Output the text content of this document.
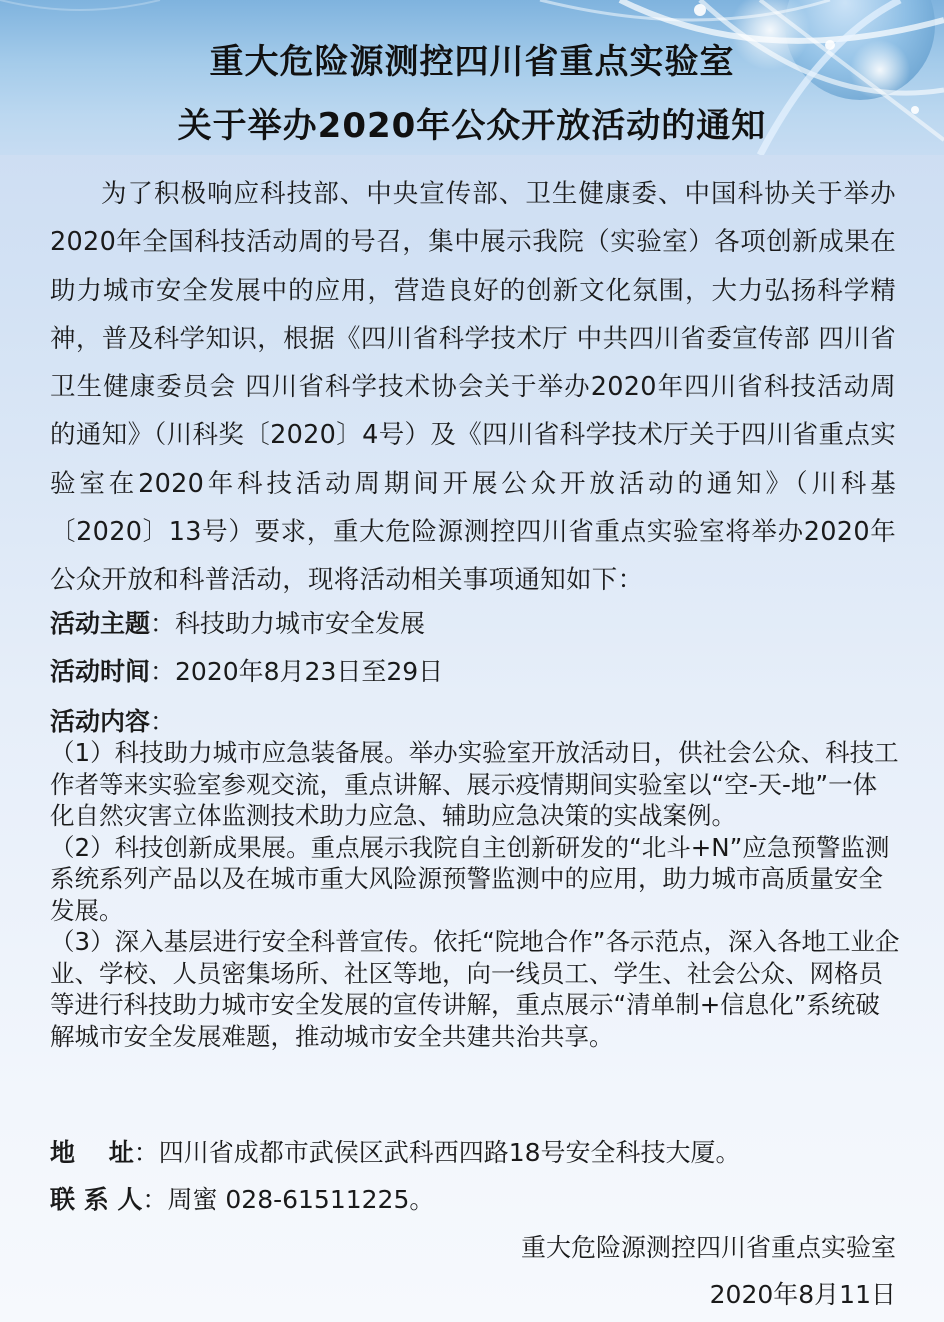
重大危险源测控四川省重点实验室
关于举办2020年公众开放活动的通知
为了积极响应科技部、中央宣传部、卫生健康委、中国科协关于举办2020年全国科技活动周的号召，集中展示我院（实验室）各项创新成果在助力城市安全发展中的应用，营造良好的创新文化氛围，大力弘扬科学精神，普及科学知识，根据《四川省科学技术厅 中共四川省委宣传部 四川省卫生健康委员会 四川省科学技术协会关于举办2020年四川省科技活动周的通知》（川科奖〔2020〕4号）及《四川省科学技术厅关于四川省重点实验室在2020年科技活动周期间开展公众开放活动的通知》（川科基〔2020〕13号）要求，重大危险源测控四川省重点实验室将举办2020年公众开放和科普活动，现将活动相关事项通知如下：
活动主题：科技助力城市安全发展
活动时间：2020年8月23日至29日
活动内容：

（1）科技助力城市应急装备展。举办实验室开放活动日，供社会公众、科技工作者等来实验室参观交流，重点讲解、展示疫情期间实验室以“空-天-地”一体化自然灾害立体监测技术助力应急、辅助应急决策的实战案例。

（2）科技创新成果展。重点展示我院自主创新研发的“北斗+N”应急预警监测系统系列产品以及在城市重大风险源预警监测中的应用，助力城市高质量安全发展。

（3）深入基层进行安全科普宣传。依托“院地合作”各示范点，深入各地工业企业、学校、人员密集场所、社区等地，向一线员工、学生、社会公众、网格员等进行科技助力城市安全发展的宣传讲解，重点展示“清单制+信息化”系统破解城市安全发展难题，推动城市安全共建共治共享。

地　 址：四川省成都市武侯区武科西四路18号安全科技大厦。
联 系 人：周蜜 028-61511225。
重大危险源测控四川省重点实验室
2020年8月11日
